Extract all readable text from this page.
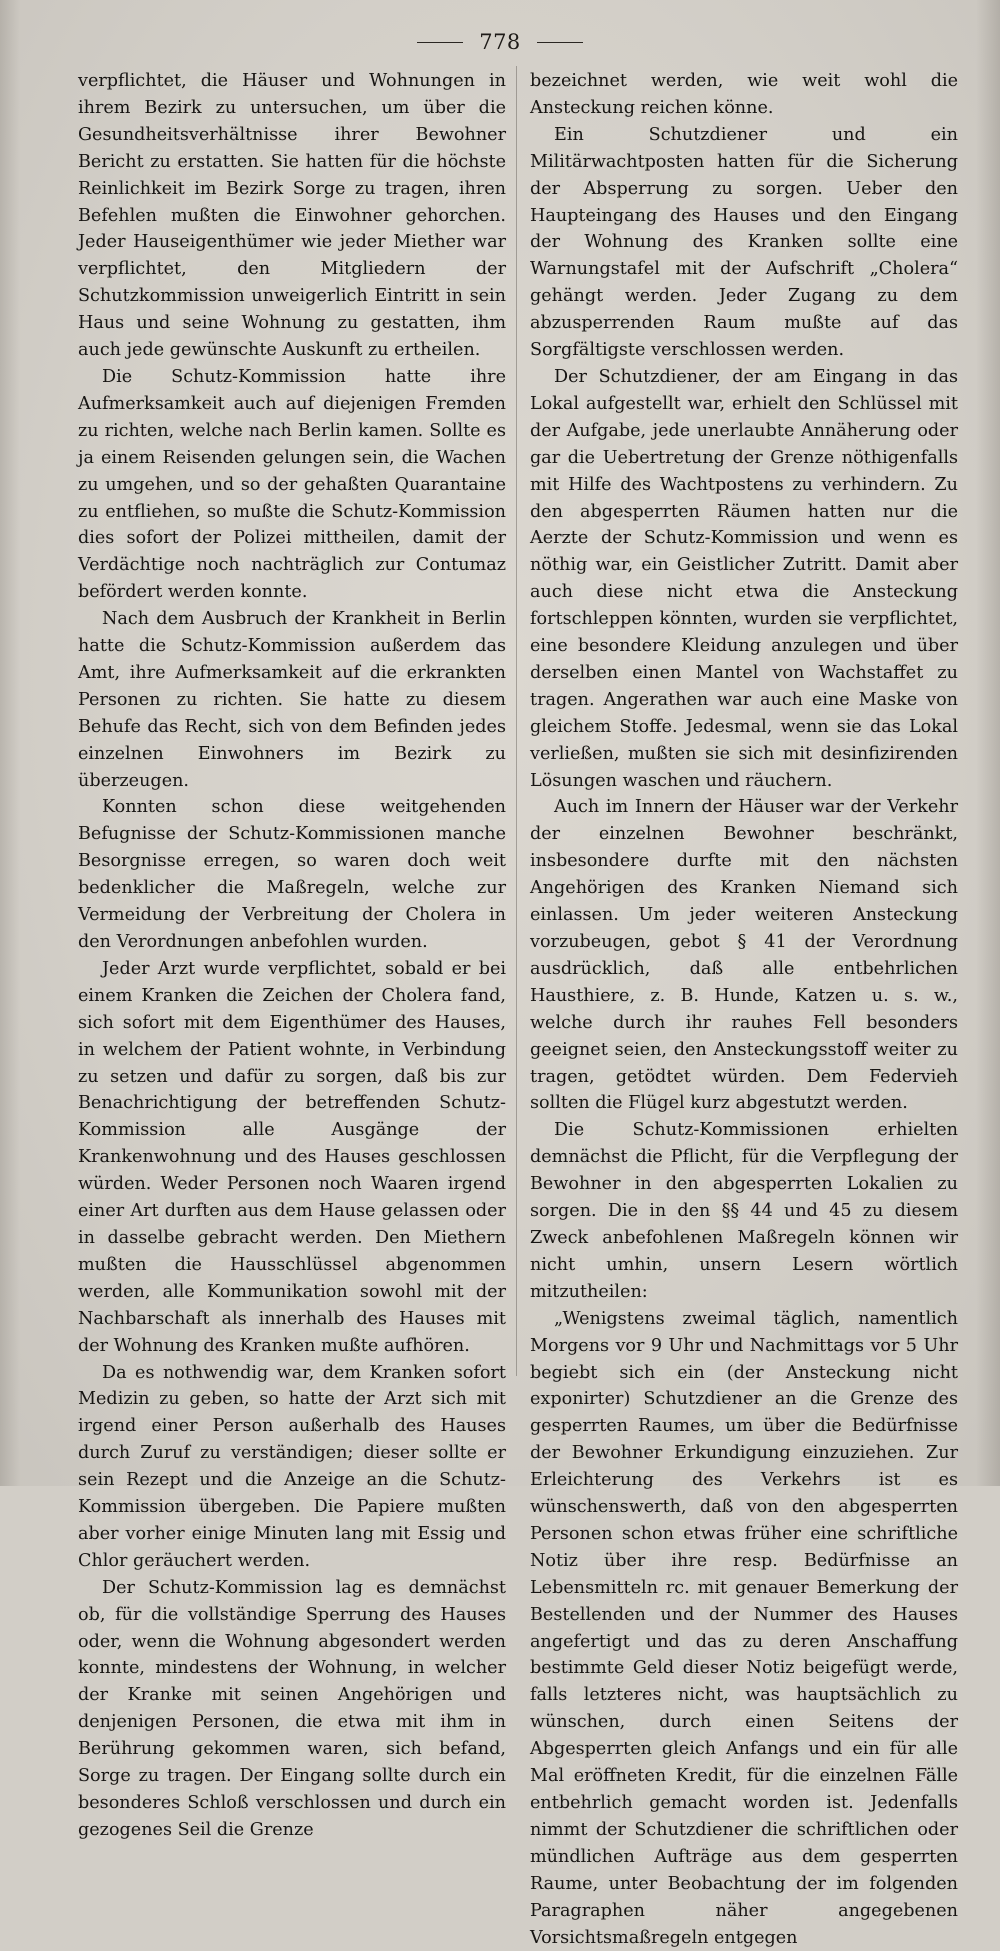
778

verpflichtet, die Häuser und Wohnungen in ihrem Bezirk zu untersuchen, um über die Gesundheitsverhältnisse ihrer Bewohner Bericht zu erstatten. Sie hatten für die höchste Reinlichkeit im Bezirk Sorge zu tragen, ihren Befehlen mußten die Einwohner gehorchen. Jeder Hauseigenthümer wie jeder Miether war verpflichtet, den Mitgliedern der Schutzkommission unweigerlich Eintritt in sein Haus und seine Wohnung zu gestatten, ihm auch jede gewünschte Auskunft zu ertheilen.

Die Schutz-Kommission hatte ihre Aufmerksamkeit auch auf diejenigen Fremden zu richten, welche nach Berlin kamen. Sollte es ja einem Reisenden gelungen sein, die Wachen zu umgehen, und so der gehaßten Quarantaine zu entfliehen, so mußte die Schutz-Kommission dies sofort der Polizei mittheilen, damit der Verdächtige noch nachträglich zur Contumaz befördert werden konnte.

Nach dem Ausbruch der Krankheit in Berlin hatte die Schutz-Kommission außerdem das Amt, ihre Aufmerksamkeit auf die erkrankten Personen zu richten. Sie hatte zu diesem Behufe das Recht, sich von dem Befinden jedes einzelnen Einwohners im Bezirk zu überzeugen.

Konnten schon diese weitgehenden Befugnisse der Schutz-Kommissionen manche Besorgnisse erregen, so waren doch weit bedenklicher die Maßregeln, welche zur Vermeidung der Verbreitung der Cholera in den Verordnungen anbefohlen wurden.

Jeder Arzt wurde verpflichtet, sobald er bei einem Kranken die Zeichen der Cholera fand, sich sofort mit dem Eigenthümer des Hauses, in welchem der Patient wohnte, in Verbindung zu setzen und dafür zu sorgen, daß bis zur Benachrichtigung der betreffenden Schutz-Kommission alle Ausgänge der Krankenwohnung und des Hauses geschlossen würden. Weder Personen noch Waaren irgend einer Art durften aus dem Hause gelassen oder in dasselbe gebracht werden. Den Miethern mußten die Hausschlüssel abgenommen werden, alle Kommunikation sowohl mit der Nachbarschaft als innerhalb des Hauses mit der Wohnung des Kranken mußte aufhören.

Da es nothwendig war, dem Kranken sofort Medizin zu geben, so hatte der Arzt sich mit irgend einer Person außerhalb des Hauses durch Zuruf zu verständigen; dieser sollte er sein Rezept und die Anzeige an die Schutz-Kommission übergeben. Die Papiere mußten aber vorher einige Minuten lang mit Essig und Chlor geräuchert werden.

Der Schutz-Kommission lag es demnächst ob, für die vollständige Sperrung des Hauses oder, wenn die Wohnung abgesondert werden konnte, mindestens der Wohnung, in welcher der Kranke mit seinen Angehörigen und denjenigen Personen, die etwa mit ihm in Berührung gekommen waren, sich befand, Sorge zu tragen. Der Eingang sollte durch ein besonderes Schloß verschlossen und durch ein gezogenes Seil die Grenze

bezeichnet werden, wie weit wohl die Ansteckung reichen könne.

Ein Schutzdiener und ein Militärwachtposten hatten für die Sicherung der Absperrung zu sorgen. Ueber den Haupteingang des Hauses und den Eingang der Wohnung des Kranken sollte eine Warnungstafel mit der Aufschrift „Cholera“ gehängt werden. Jeder Zugang zu dem abzusperrenden Raum mußte auf das Sorgfältigste verschlossen werden.

Der Schutzdiener, der am Eingang in das Lokal aufgestellt war, erhielt den Schlüssel mit der Aufgabe, jede unerlaubte Annäherung oder gar die Uebertretung der Grenze nöthigenfalls mit Hilfe des Wachtpostens zu verhindern. Zu den abgesperrten Räumen hatten nur die Aerzte der Schutz-Kommission und wenn es nöthig war, ein Geistlicher Zutritt. Damit aber auch diese nicht etwa die Ansteckung fortschleppen könnten, wurden sie verpflichtet, eine besondere Kleidung anzulegen und über derselben einen Mantel von Wachstaffet zu tragen. Angerathen war auch eine Maske von gleichem Stoffe. Jedesmal, wenn sie das Lokal verließen, mußten sie sich mit desinfizirenden Lösungen waschen und räuchern.

Auch im Innern der Häuser war der Verkehr der einzelnen Bewohner beschränkt, insbesondere durfte mit den nächsten Angehörigen des Kranken Niemand sich einlassen. Um jeder weiteren Ansteckung vorzubeugen, gebot § 41 der Verordnung ausdrücklich, daß alle entbehrlichen Hausthiere, z. B. Hunde, Katzen u. s. w., welche durch ihr rauhes Fell besonders geeignet seien, den Ansteckungsstoff weiter zu tragen, getödtet würden. Dem Federvieh sollten die Flügel kurz abgestutzt werden.

Die Schutz-Kommissionen erhielten demnächst die Pflicht, für die Verpflegung der Bewohner in den abgesperrten Lokalien zu sorgen. Die in den §§ 44 und 45 zu diesem Zweck anbefohlenen Maßregeln können wir nicht umhin, unsern Lesern wörtlich mitzutheilen:

„Wenigstens zweimal täglich, namentlich Morgens vor 9 Uhr und Nachmittags vor 5 Uhr begiebt sich ein (der Ansteckung nicht exponirter) Schutzdiener an die Grenze des gesperrten Raumes, um über die Bedürfnisse der Bewohner Erkundigung einzuziehen. Zur Erleichterung des Verkehrs ist es wünschenswerth, daß von den abgesperrten Personen schon etwas früher eine schriftliche Notiz über ihre resp. Bedürfnisse an Lebensmitteln rc. mit genauer Bemerkung der Bestellenden und der Nummer des Hauses angefertigt und das zu deren Anschaffung bestimmte Geld dieser Notiz beigefügt werde, falls letzteres nicht, was hauptsächlich zu wünschen, durch einen Seitens der Abgesperrten gleich Anfangs und ein für alle Mal eröffneten Kredit, für die einzelnen Fälle entbehrlich gemacht worden ist. Jedenfalls nimmt der Schutzdiener die schriftlichen oder mündlichen Aufträge aus dem gesperrten Raume, unter Beobachtung der im folgenden Paragraphen näher angegebenen Vorsichtsmaßregeln entgegen
